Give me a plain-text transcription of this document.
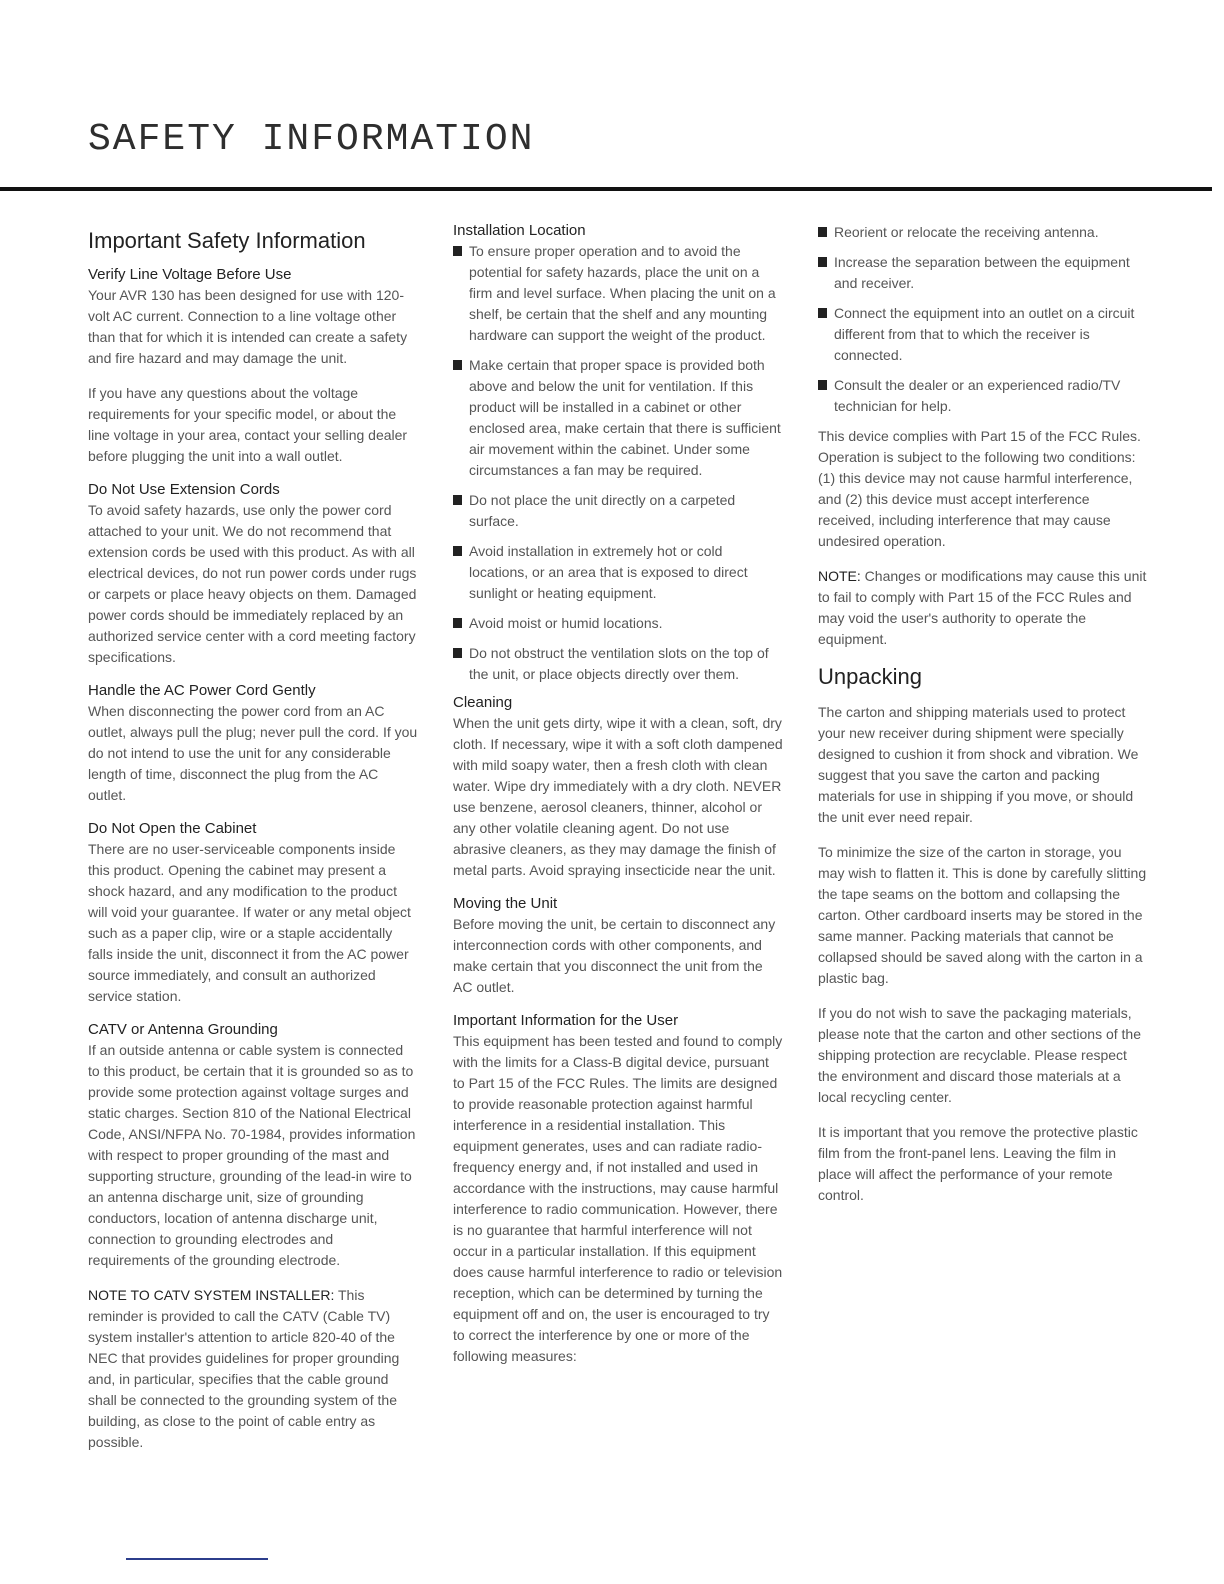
SAFETY INFORMATION
Important Safety Information
Verify Line Voltage Before Use

Your AVR 130 has been designed for use with 120-volt AC current. Connection to a line voltage other than that for which it is intended can create a safety and fire hazard and may damage the unit.

If you have any questions about the voltage requirements for your specific model, or about the line voltage in your area, contact your selling dealer before plugging the unit into a wall outlet.

Do Not Use Extension Cords

To avoid safety hazards, use only the power cord attached to your unit. We do not recommend that extension cords be used with this product. As with all electrical devices, do not run power cords under rugs or carpets or place heavy objects on them. Damaged power cords should be immediately replaced by an authorized service center with a cord meeting factory specifications.

Handle the AC Power Cord Gently

When disconnecting the power cord from an AC outlet, always pull the plug; never pull the cord. If you do not intend to use the unit for any considerable length of time, disconnect the plug from the AC outlet.

Do Not Open the Cabinet

There are no user-serviceable components inside this product. Opening the cabinet may present a shock hazard, and any modification to the product will void your guarantee. If water or any metal object such as a paper clip, wire or a staple accidentally falls inside the unit, disconnect it from the AC power source immediately, and consult an authorized service station.

CATV or Antenna Grounding

If an outside antenna or cable system is connected to this product, be certain that it is grounded so as to provide some protection against voltage surges and static charges. Section 810 of the National Electrical Code, ANSI/NFPA No. 70-1984, provides information with respect to proper grounding of the mast and supporting structure, grounding of the lead-in wire to an antenna discharge unit, size of grounding conductors, location of antenna discharge unit, connection to grounding electrodes and requirements of the grounding electrode.

NOTE TO CATV SYSTEM INSTALLER: This reminder is provided to call the CATV (Cable TV) system installer's attention to article 820-40 of the NEC that provides guidelines for proper grounding and, in particular, specifies that the cable ground shall be connected to the grounding system of the building, as close to the point of cable entry as possible.

Installation Location
To ensure proper operation and to avoid the potential for safety hazards, place the unit on a firm and level surface. When placing the unit on a shelf, be certain that the shelf and any mounting hardware can support the weight of the product.
Make certain that proper space is provided both above and below the unit for ventilation. If this product will be installed in a cabinet or other enclosed area, make certain that there is sufficient air movement within the cabinet. Under some circumstances a fan may be required.
Do not place the unit directly on a carpeted surface.
Avoid installation in extremely hot or cold locations, or an area that is exposed to direct sunlight or heating equipment.
Avoid moist or humid locations.
Do not obstruct the ventilation slots on the top of the unit, or place objects directly over them.
Cleaning

When the unit gets dirty, wipe it with a clean, soft, dry cloth. If necessary, wipe it with a soft cloth dampened with mild soapy water, then a fresh cloth with clean water. Wipe dry immediately with a dry cloth. NEVER use benzene, aerosol cleaners, thinner, alcohol or any other volatile cleaning agent. Do not use abrasive cleaners, as they may damage the finish of metal parts. Avoid spraying insecticide near the unit.

Moving the Unit

Before moving the unit, be certain to disconnect any interconnection cords with other components, and make certain that you disconnect the unit from the AC outlet.

Important Information for the User

This equipment has been tested and found to comply with the limits for a Class-B digital device, pursuant to Part 15 of the FCC Rules. The limits are designed to provide reasonable protection against harmful interference in a residential installation. This equipment generates, uses and can radiate radio-frequency energy and, if not installed and used in accordance with the instructions, may cause harmful interference to radio communication. However, there is no guarantee that harmful interference will not occur in a particular installation. If this equipment does cause harmful interference to radio or television reception, which can be determined by turning the equipment off and on, the user is encouraged to try to correct the interference by one or more of the following measures:

Reorient or relocate the receiving antenna.
Increase the separation between the equipment and receiver.
Connect the equipment into an outlet on a circuit different from that to which the receiver is connected.
Consult the dealer or an experienced radio/TV technician for help.

This device complies with Part 15 of the FCC Rules. Operation is subject to the following two conditions: (1) this device may not cause harmful interference, and (2) this device must accept interference received, including interference that may cause undesired operation.

NOTE: Changes or modifications may cause this unit to fail to comply with Part 15 of the FCC Rules and may void the user's authority to operate the equipment.

Unpacking

The carton and shipping materials used to protect your new receiver during shipment were specially designed to cushion it from shock and vibration. We suggest that you save the carton and packing materials for use in shipping if you move, or should the unit ever need repair.

To minimize the size of the carton in storage, you may wish to flatten it. This is done by carefully slitting the tape seams on the bottom and collapsing the carton. Other cardboard inserts may be stored in the same manner. Packing materials that cannot be collapsed should be saved along with the carton in a plastic bag.

If you do not wish to save the packaging materials, please note that the carton and other sections of the shipping protection are recyclable. Please respect the environment and discard those materials at a local recycling center.

It is important that you remove the protective plastic film from the front-panel lens. Leaving the film in place will affect the performance of your remote control.
